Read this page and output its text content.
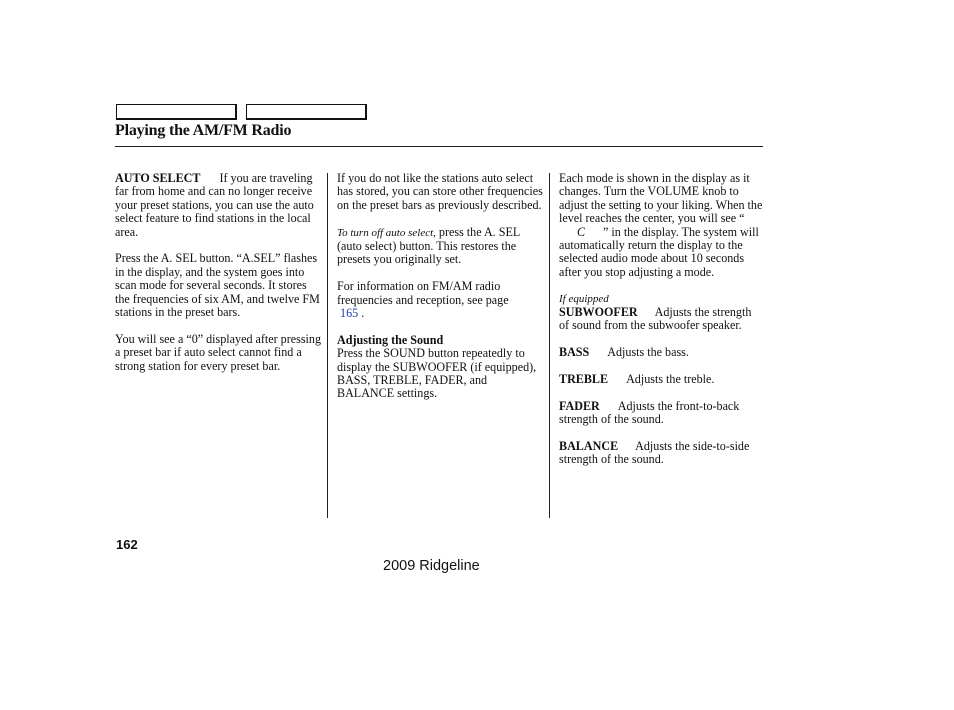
Playing the AM/FM Radio

AUTO SELECT If you are traveling far from home and can no longer receive your preset stations, you can use the auto select feature to find stations in the local area.

Press the A. SEL button. “A.SEL” flashes in the display, and the system goes into scan mode for several seconds. It stores the frequencies of six AM, and twelve FM stations in the preset bars.

You will see a “0” displayed after pressing a preset bar if auto select cannot find a strong station for every preset bar.

If you do not like the stations auto select has stored, you can store other frequencies on the preset bars as previously described.

To turn off auto select, press the A. SEL (auto select) button. This restores the presets you originally set.

For information on FM/AM radio frequencies and reception, see page
165 .

Adjusting the Sound

Press the SOUND button repeatedly to display the SUBWOOFER (if equipped), BASS, TREBLE, FADER, and BALANCE settings.

Each mode is shown in the display as it changes. Turn the VOLUME knob to adjust the setting to your liking. When the level reaches the center, you will see “C ” in the display. The system will automatically return the display to the selected audio mode about 10 seconds after you stop adjusting a mode.

If equipped

SUBWOOFER Adjusts the strength of sound from the subwoofer speaker.

BASS Adjusts the bass.

TREBLE Adjusts the treble.

FADER Adjusts the front-to-back strength of the sound.

BALANCE Adjusts the side-to-side strength of the sound.

162
2009 Ridgeline
